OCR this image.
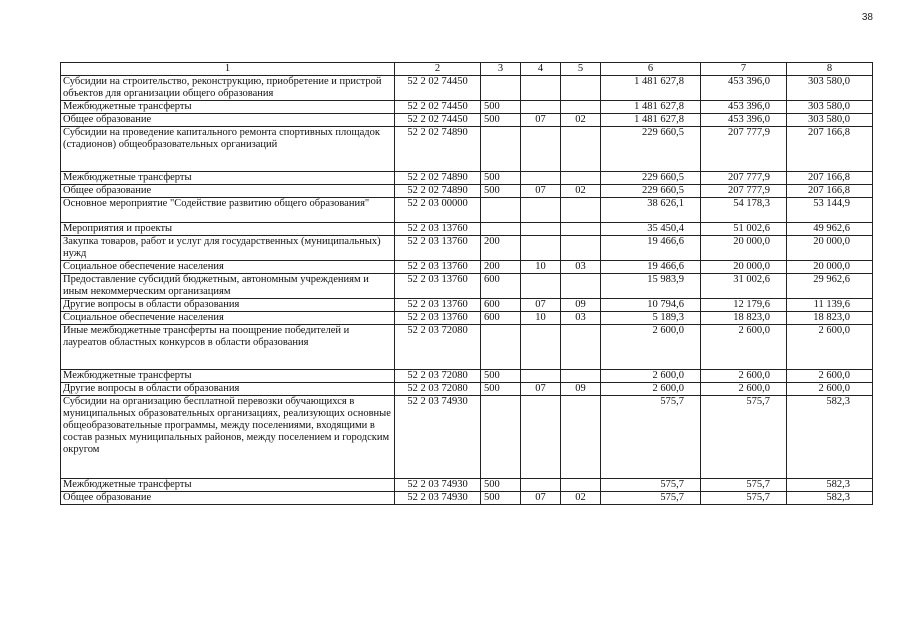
38
1	2	3	4	5	6	7	8
Субсидии на строительство, реконструкцию, приобретение и пристрой объектов для организации общего образования	52 2 02 74450				1 481 627,8	453 396,0	303 580,0
Межбюджетные трансферты	52 2 02 74450	500			1 481 627,8	453 396,0	303 580,0
Общее образование	52 2 02 74450	500	07	02	1 481 627,8	453 396,0	303 580,0
Субсидии на проведение капитального ремонта спортивных площадок (стадионов) общеобразовательных организаций	52 2 02 74890				229 660,5	207 777,9	207 166,8
Межбюджетные трансферты	52 2 02 74890	500			229 660,5	207 777,9	207 166,8
Общее образование	52 2 02 74890	500	07	02	229 660,5	207 777,9	207 166,8
Основное мероприятие "Содействие развитию общего образования"	52 2 03 00000				38 626,1	54 178,3	53 144,9
Мероприятия и проекты	52 2 03 13760				35 450,4	51 002,6	49 962,6
Закупка товаров, работ и услуг для государственных (муниципальных) нужд	52 2 03 13760	200			19 466,6	20 000,0	20 000,0
Социальное обеспечение населения	52 2 03 13760	200	10	03	19 466,6	20 000,0	20 000,0
Предоставление субсидий бюджетным, автономным учреждениям и иным некоммерческим организациям	52 2 03 13760	600			15 983,9	31 002,6	29 962,6
Другие вопросы в области образования	52 2 03 13760	600	07	09	10 794,6	12 179,6	11 139,6
Социальное обеспечение населения	52 2 03 13760	600	10	03	5 189,3	18 823,0	18 823,0
Иные межбюджетные трансферты на поощрение победителей и лауреатов областных конкурсов в области образования	52 2 03 72080				2 600,0	2 600,0	2 600,0
Межбюджетные трансферты	52 2 03 72080	500			2 600,0	2 600,0	2 600,0
Другие вопросы в области образования	52 2 03 72080	500	07	09	2 600,0	2 600,0	2 600,0
Субсидии на организацию бесплатной перевозки обучающихся в муниципальных образовательных организациях, реализующих основные общеобразовательные программы, между поселениями, входящими в состав разных муниципальных районов, между поселением и городским округом	52 2 03 74930				575,7	575,7	582,3
Межбюджетные трансферты	52 2 03 74930	500			575,7	575,7	582,3
Общее образование	52 2 03 74930	500	07	02	575,7	575,7	582,3
